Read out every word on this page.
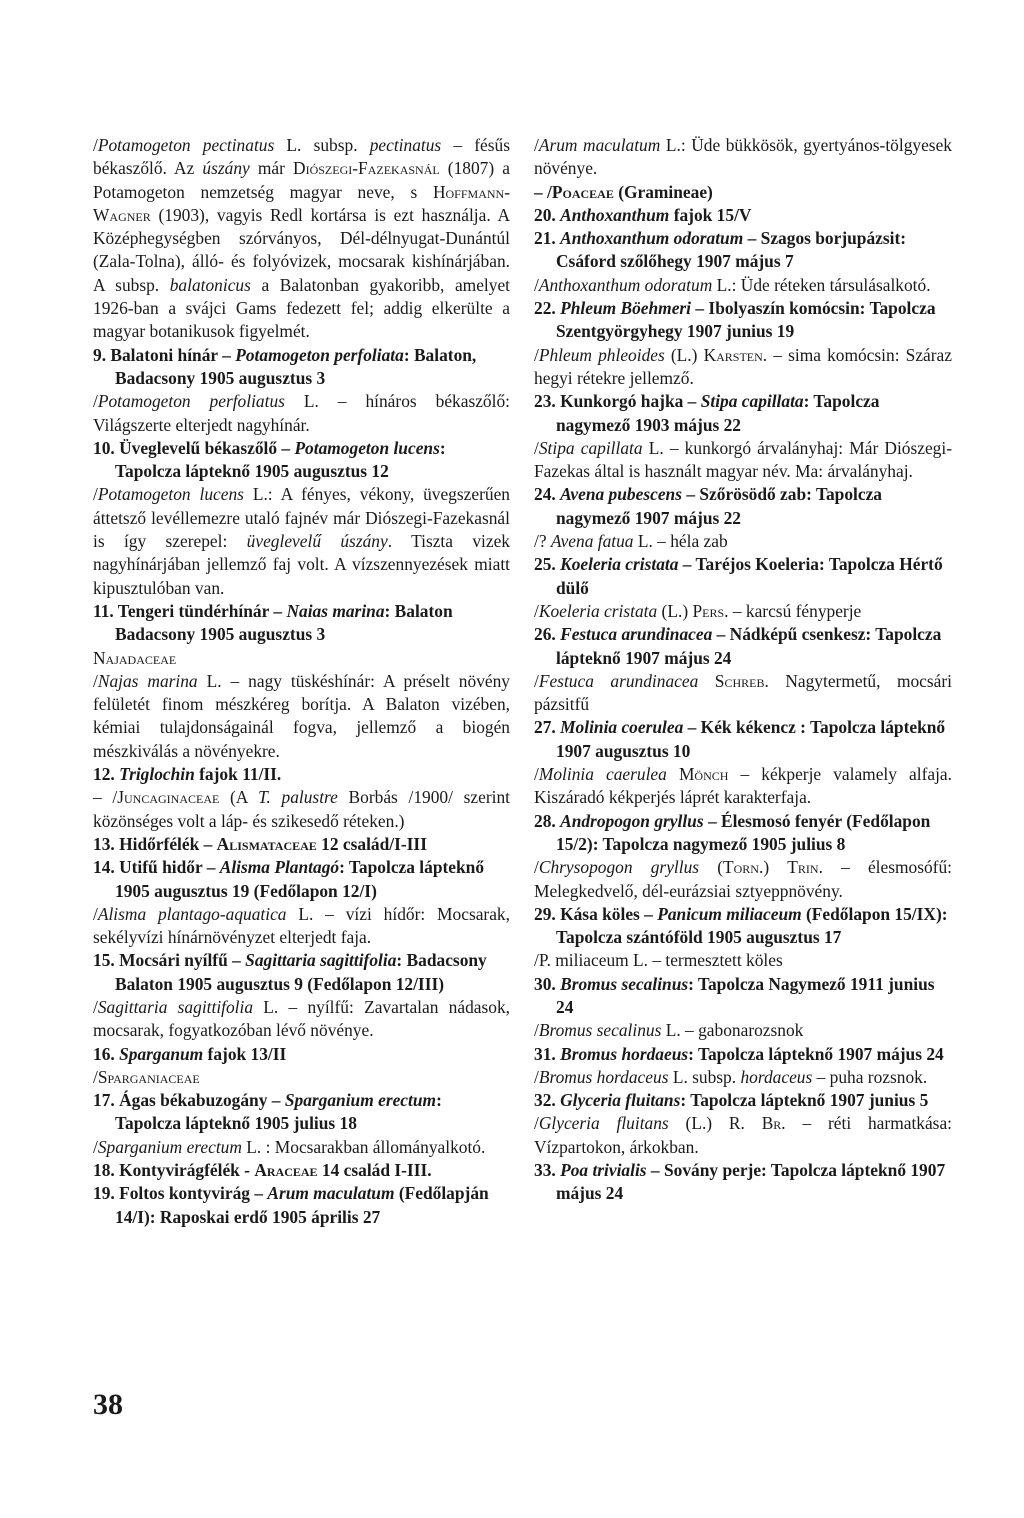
/Potamogeton pectinatus L. subsp. pectinatus – fésűs békaszőlő. Az úszány már Diószegi-Fazekasnál (1807) a Potamogeton nemzetség magyar neve, s Hoffmann-Wagner (1903), vagyis Redl kortársa is ezt használja. A Középhegységben szórványos, Dél-délnyugat-Dunántúl (Zala-Tolna), álló- és folyóvizek, mocsarak kishínárjában. A subsp. balatonicus a Balatonban gyakoribb, amelyet 1926-ban a svájci Gams fedezett fel; addig elkerülte a magyar botanikusok figyelmét.

9. Balatoni hínár – Potamogeton perfoliata: Balaton, Badacsony 1905 augusztus 3

/Potamogeton perfoliatus L. – hínáros békaszőlő: Világszerte elterjedt nagyhínár.

10. Üveglevelű békaszőlő – Potamogeton lucens: Tapolcza lápteknő 1905 augusztus 12

/Potamogeton lucens L.: A fényes, vékony, üvegszerűen áttetsző levéllemezre utaló fajnév már Diószegi-Fazekasnál is így szerepel: üveglevelű úszány. Tiszta vizek nagyhínárjában jellemző faj volt. A vízszennyezések miatt kipusztulóban van.

11. Tengeri tündérhínár – Naias marina: Balaton Badacsony 1905 augusztus 3

Najadaceae

/Najas marina L. – nagy tüskéshínár: A préselt növény felületét finom mészkéreg borítja. A Balaton vizében, kémiai tulajdonságainál fogva, jellemző a biogén mészkiválás a növényekre.

12. Triglochin fajok 11/II.

– /Juncaginaceae (A T. palustre Borbás /1900/ szerint közönséges volt a láp- és szikesedő réteken.)

13. Hidőrfélék – Alismataceae 12 család/I-III

14. Utifű hidőr – Alisma Plantagó: Tapolcza lápteknő 1905 augusztus 19 (Fedőlapon 12/I)

/Alisma plantago-aquatica L. – vízi hídőr: Mocsarak, sekélyvízi hínárnövényzet elterjedt faja.

15. Mocsári nyílfű – Sagittaria sagittifolia: Badacsony Balaton 1905 augusztus 9 (Fedőlapon 12/III)

/Sagittaria sagittifolia L. – nyílfű: Zavartalan nádasok, mocsarak, fogyatkozóban lévő növénye.

16. Sparganum fajok 13/II

/Sparganiaceae

17. Ágas békabuzogány – Sparganium erectum: Tapolcza lápteknő 1905 julius 18

/Sparganium erectum L. : Mocsarakban állományalkotó.

18. Kontyvirágfélék - Araceae 14 család I-III.

19. Foltos kontyvirág – Arum maculatum (Fedőlapján 14/I): Raposkai erdő 1905 április 27

/Arum maculatum L.: Üde bükkösök, gyertyános-tölgyesek növénye.

– /Poaceae (Gramineae)

20. Anthoxanthum fajok 15/V

21. Anthoxanthum odoratum – Szagos borjupázsit: Csáford szőlőhegy 1907 május 7

/Anthoxanthum odoratum L.: Üde réteken társulásalkotó.

22. Phleum Böehmeri – Ibolyaszín komócsin: Tapolcza Szentgyörgyhegy 1907 junius 19

/Phleum phleoides (L.) Karsten. – sima komócsin: Száraz hegyi rétekre jellemző.

23. Kunkorgó hajka – Stipa capillata: Tapolcza nagymező 1903 május 22

/Stipa capillata L. – kunkorgó árvalányhaj: Már Diószegi-Fazekas által is használt magyar név. Ma: árvalányhaj.

24. Avena pubescens – Szőrösödő zab: Tapolcza nagymező 1907 május 22

/? Avena fatua L. – héla zab

25. Koeleria cristata – Taréjos Koeleria: Tapolcza Hértő dülő

/Koeleria cristata (L.) Pers. – karcsú fényperje

26. Festuca arundinacea – Nádképű csenkesz: Tapolcza lápteknő 1907 május 24

/Festuca arundinacea Schreb. Nagytermetű, mocsári pázsitfű

27. Molinia coerulea – Kék kékencz : Tapolcza lápteknő 1907 augusztus 10

/Molinia caerulea Mönch – kékperje valamely alfaja. Kiszáradó kékperjés láprét karakterfaja.

28. Andropogon gryllus – Élesmosó fenyér (Fedőlapon 15/2): Tapolcza nagymező 1905 julius 8

/Chrysopogon gryllus (Torn.) Trin. – élesmosófű: Melegkedvelő, dél-eurázsiai sztyeppnövény.

29. Kása köles – Panicum miliaceum (Fedőlapon 15/IX): Tapolcza szántóföld 1905 augusztus 17

/P. miliaceum L. – termesztett köles

30. Bromus secalinus: Tapolcza Nagymező 1911 junius 24

/Bromus secalinus L. – gabonarozsnok

31. Bromus hordaeus: Tapolcza lápteknő 1907 május 24

/Bromus hordaceus L. subsp. hordaceus – puha rozsnok.

32. Glyceria fluitans: Tapolcza lápteknő 1907 junius 5

/Glyceria fluitans (L.) R. Br. – réti harmatkása: Vízpartokon, árkokban.

33. Poa trivialis – Sovány perje: Tapolcza lápteknő 1907 május 24

38
